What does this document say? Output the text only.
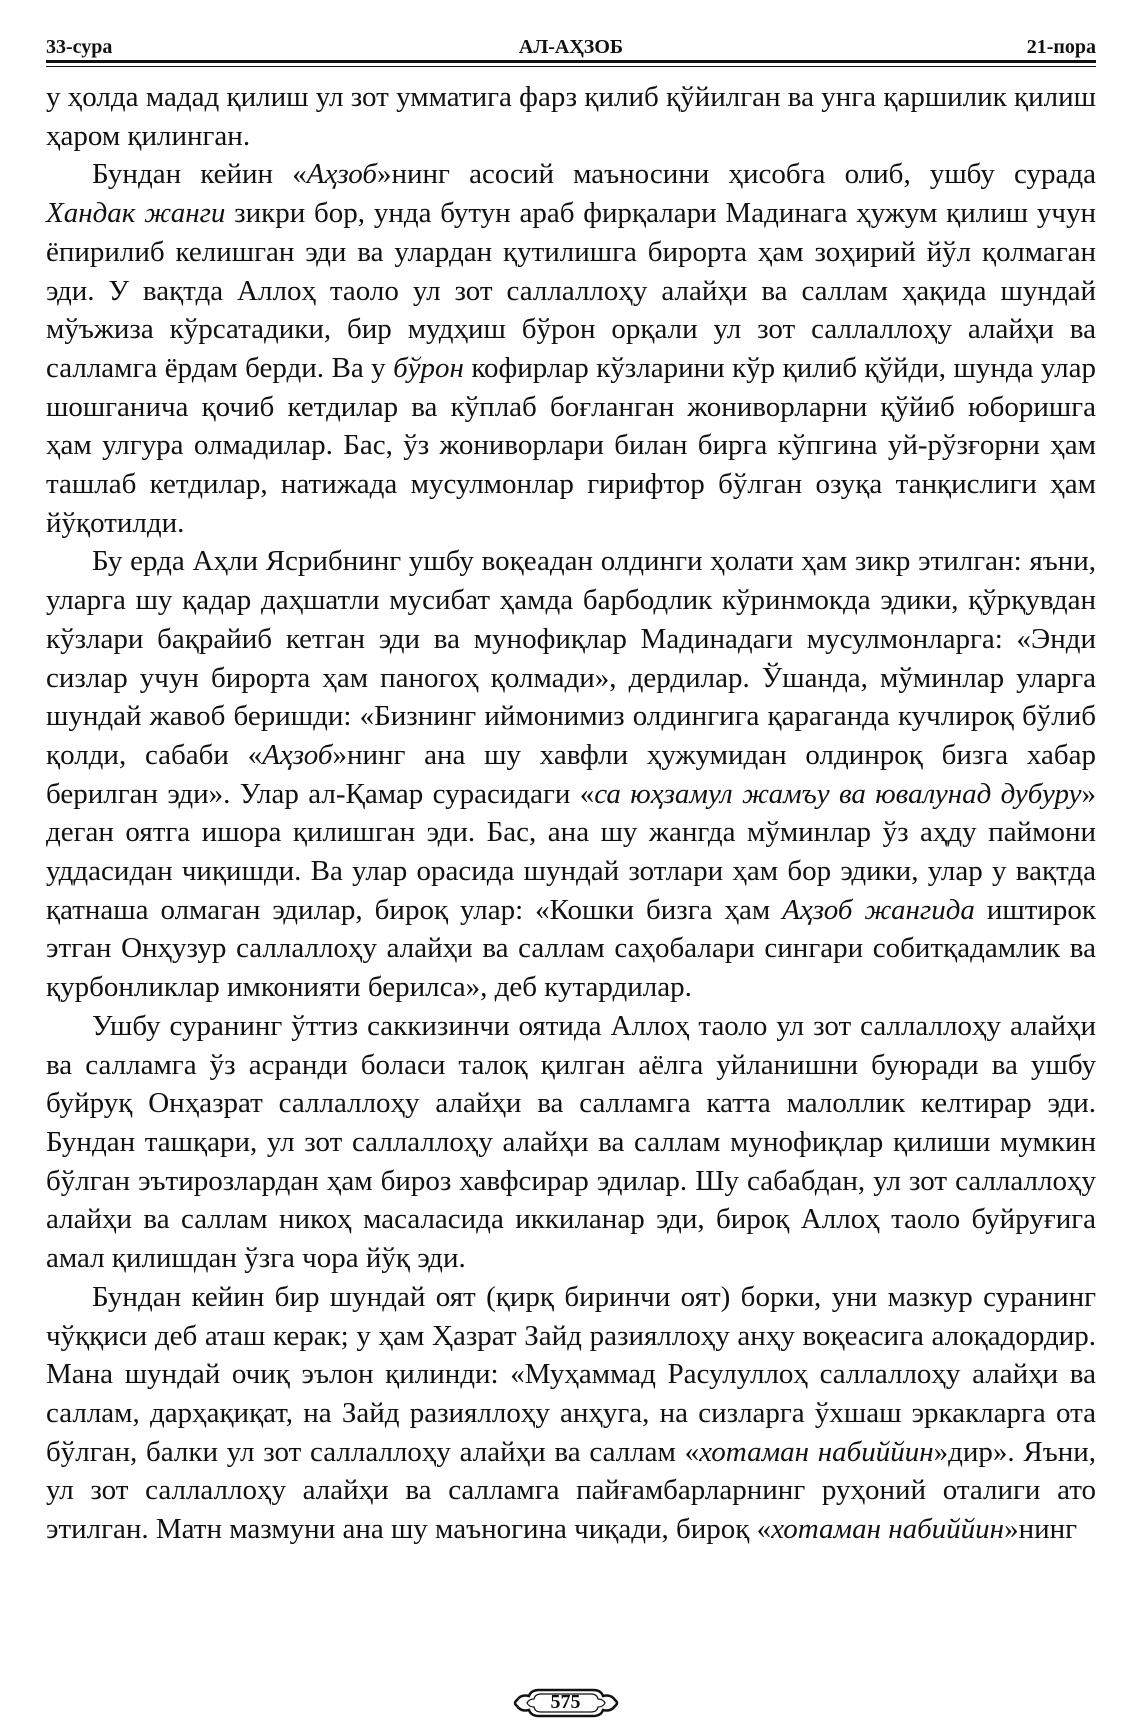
33-сура	АЛ-АҲЗОБ	21-пора

у ҳолда мадад қилиш ул зот умматига фарз қилиб қўйилган ва унга қаршилик қилиш ҳаром қилинган.

Бундан кейин «Аҳзоб»нинг асосий маъносини ҳисобга олиб, ушбу сурада Хандак жанги зикри бор, унда бутун араб фирқалари Мадинага ҳужум қилиш учун ёпирилиб келишган эди ва улардан қутилишга бирорта ҳам зоҳирий йўл қолмаган эди. У вақтда Аллоҳ таоло ул зот саллаллоҳу алайҳи ва саллам ҳақида шундай мўъжиза кўрсатадики, бир мудҳиш бўрон орқали ул зот саллаллоҳу алайҳи ва салламга ёрдам берди. Ва у бўрон кофирлар кўзларини кўр қилиб қўйди, шунда улар шошганича қочиб кетдилар ва кўплаб боғланган жониворларни қўйиб юборишга ҳам улгура олмадилар. Бас, ўз жониворлари билан бирга кўпгина уй-рўзғорни ҳам ташлаб кетдилар, натижада мусулмонлар гирифтор бўлган озуқа танқислиги ҳам йўқотилди.

Бу ерда Аҳли Ясрибнинг ушбу воқеадан олдинги ҳолати ҳам зикр этилган: яъни, уларга шу қадар даҳшатли мусибат ҳамда барбодлик кўринмокда эдики, қўрқувдан кўзлари бақрайиб кетган эди ва мунофиқлар Мадинадаги мусулмонларга: «Энди сизлар учун бирорта ҳам паногоҳ қолмади», дердилар. Ўшанда, мўминлар уларга шундай жавоб беришди: «Бизнинг иймонимиз олдингига қараганда кучлироқ бўлиб қолди, сабаби «Аҳзоб»нинг ана шу хавфли ҳужумидан олдинроқ бизга хабар берилган эди». Улар ал-Қамар сурасидаги «са юҳзамул жамъу ва ювалунад дубуру» деган оятга ишора қилишган эди. Бас, ана шу жангда мўминлар ўз аҳду паймони уддасидан чиқишди. Ва улар орасида шундай зотлари ҳам бор эдики, улар у вақтда қатнаша олмаган эдилар, бироқ улар: «Кошки бизга ҳам Аҳзоб жангида иштирок этган Онҳузур саллаллоҳу алайҳи ва саллам саҳобалари сингари собитқадамлик ва қурбонликлар имконияти берилса», деб кутардилар.

Ушбу суранинг ўттиз саккизинчи оятида Аллоҳ таоло ул зот саллаллоҳу алайҳи ва салламга ўз асранди боласи талоқ қилган аёлга уйланишни буюради ва ушбу буйруқ Онҳазрат саллаллоҳу алайҳи ва салламга катта малоллик келтирар эди. Бундан ташқари, ул зот саллаллоҳу алайҳи ва саллам мунофиқлар қилиши мумкин бўлган эътирозлардан ҳам бироз хавфсирар эдилар. Шу сабабдан, ул зот саллаллоҳу алайҳи ва саллам никоҳ масаласида иккиланар эди, бироқ Аллоҳ таоло буйруғига амал қилишдан ўзга чора йўқ эди.

Бундан кейин бир шундай оят (қирқ биринчи оят) борки, уни мазкур суранинг чўққиси деб аташ керак; у ҳам Ҳазрат Зайд разияллоҳу анҳу воқеасига алоқадордир. Мана шундай очиқ эълон қилинди: «Муҳаммад Расулуллоҳ саллаллоҳу алайҳи ва саллам, дарҳақиқат, на Зайд разияллоҳу анҳуга, на сизларга ўхшаш эркакларга ота бўлган, балки ул зот саллаллоҳу алайҳи ва саллам «хотаман набиййин»дир». Яъни, ул зот саллаллоҳу алайҳи ва салламга пайғамбарларнинг руҳоний оталиги ато этилган. Матн мазмуни ана шу маъногина чиқади, бироқ «хотаман набиййин»нинг

575
